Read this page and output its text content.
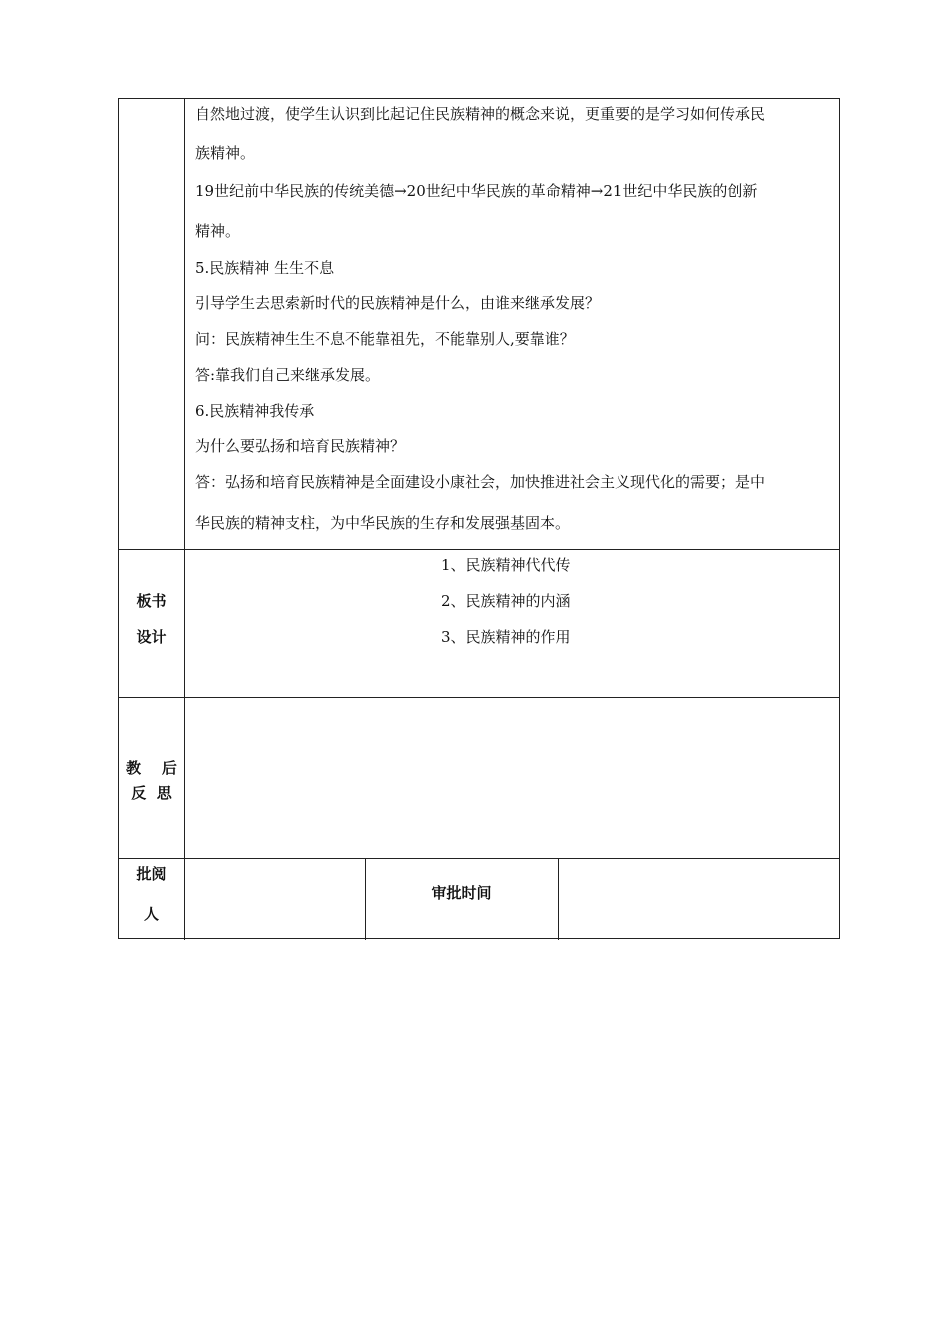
自然地过渡，使学生认识到比起记住民族精神的概念来说，更重要的是学习如何传承民
族精神。
19世纪前中华民族的传统美德→20世纪中华民族的革命精神→21世纪中华民族的创新
精神。
5.民族精神 生生不息
引导学生去思索新时代的民族精神是什么，由谁来继承发展？
问：民族精神生生不息不能靠祖先，不能靠别人,要靠谁？
答:靠我们自己来继承发展。
6.民族精神我传承
为什么要弘扬和培育民族精神？
答：弘扬和培育民族精神是全面建设小康社会，加快推进社会主义现代化的需要；是中
华民族的精神支柱，为中华民族的生存和发展强基固本。
板书
设计
1、民族精神代代传
2、民族精神的内涵
3、民族精神的作用
教    后
反  思
批阅
人
审批时间
